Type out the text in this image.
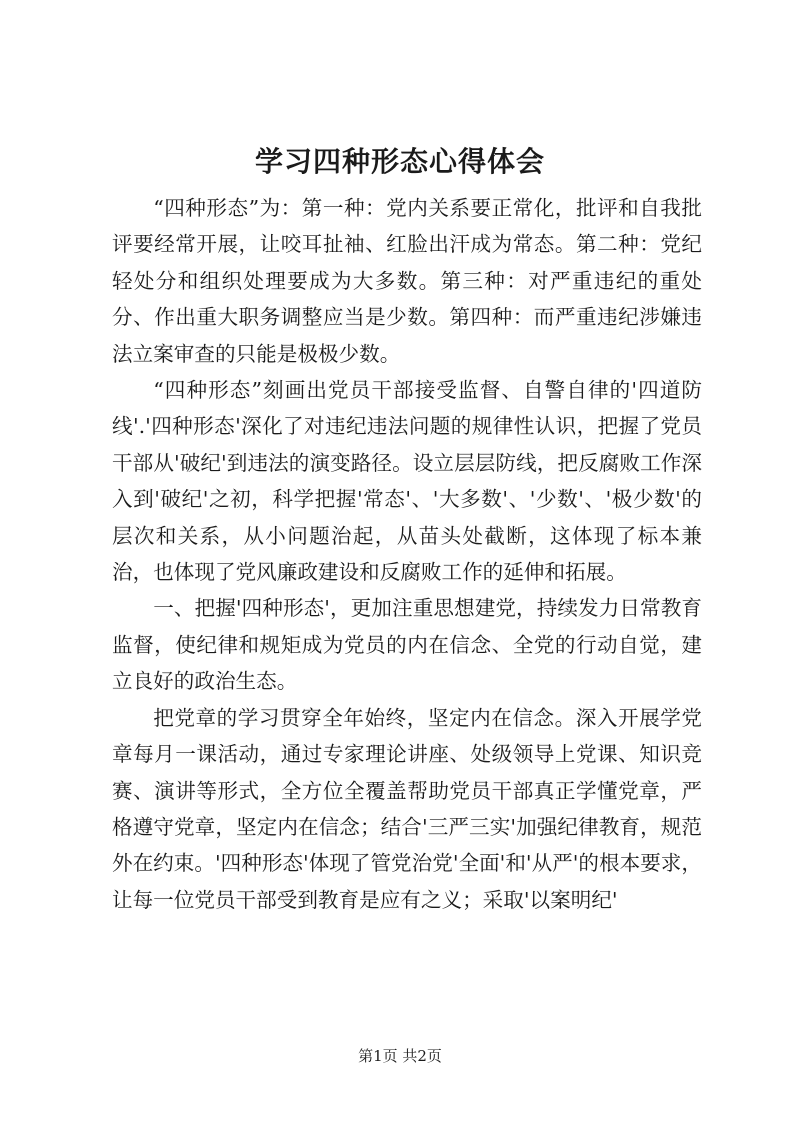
学习四种形态心得体会

“四种形态”为：第一种：党内关系要正常化，批评和自我批评要经常开展，让咬耳扯袖、红脸出汗成为常态。第二种：党纪轻处分和组织处理要成为大多数。第三种：对严重违纪的重处分、作出重大职务调整应当是少数。第四种：而严重违纪涉嫌违法立案审查的只能是极极少数。

“四种形态”刻画出党员干部接受监督、自警自律的'四道防线'.'四种形态'深化了对违纪违法问题的规律性认识，把握了党员干部从'破纪'到违法的演变路径。设立层层防线，把反腐败工作深入到'破纪'之初，科学把握'常态'、'大多数'、'少数'、'极少数'的层次和关系，从小问题治起，从苗头处截断，这体现了标本兼治，也体现了党风廉政建设和反腐败工作的延伸和拓展。

一、把握'四种形态'，更加注重思想建党，持续发力日常教育监督，使纪律和规矩成为党员的内在信念、全党的行动自觉，建立良好的政治生态。

把党章的学习贯穿全年始终，坚定内在信念。深入开展学党章每月一课活动，通过专家理论讲座、处级领导上党课、知识竞赛、演讲等形式，全方位全覆盖帮助党员干部真正学懂党章，严格遵守党章，坚定内在信念；结合'三严三实'加强纪律教育，规范外在约束。'四种形态'体现了管党治党'全面'和'从严'的根本要求，让每一位党员干部受到教育是应有之义；采取'以案明纪'

第1页 共2页
